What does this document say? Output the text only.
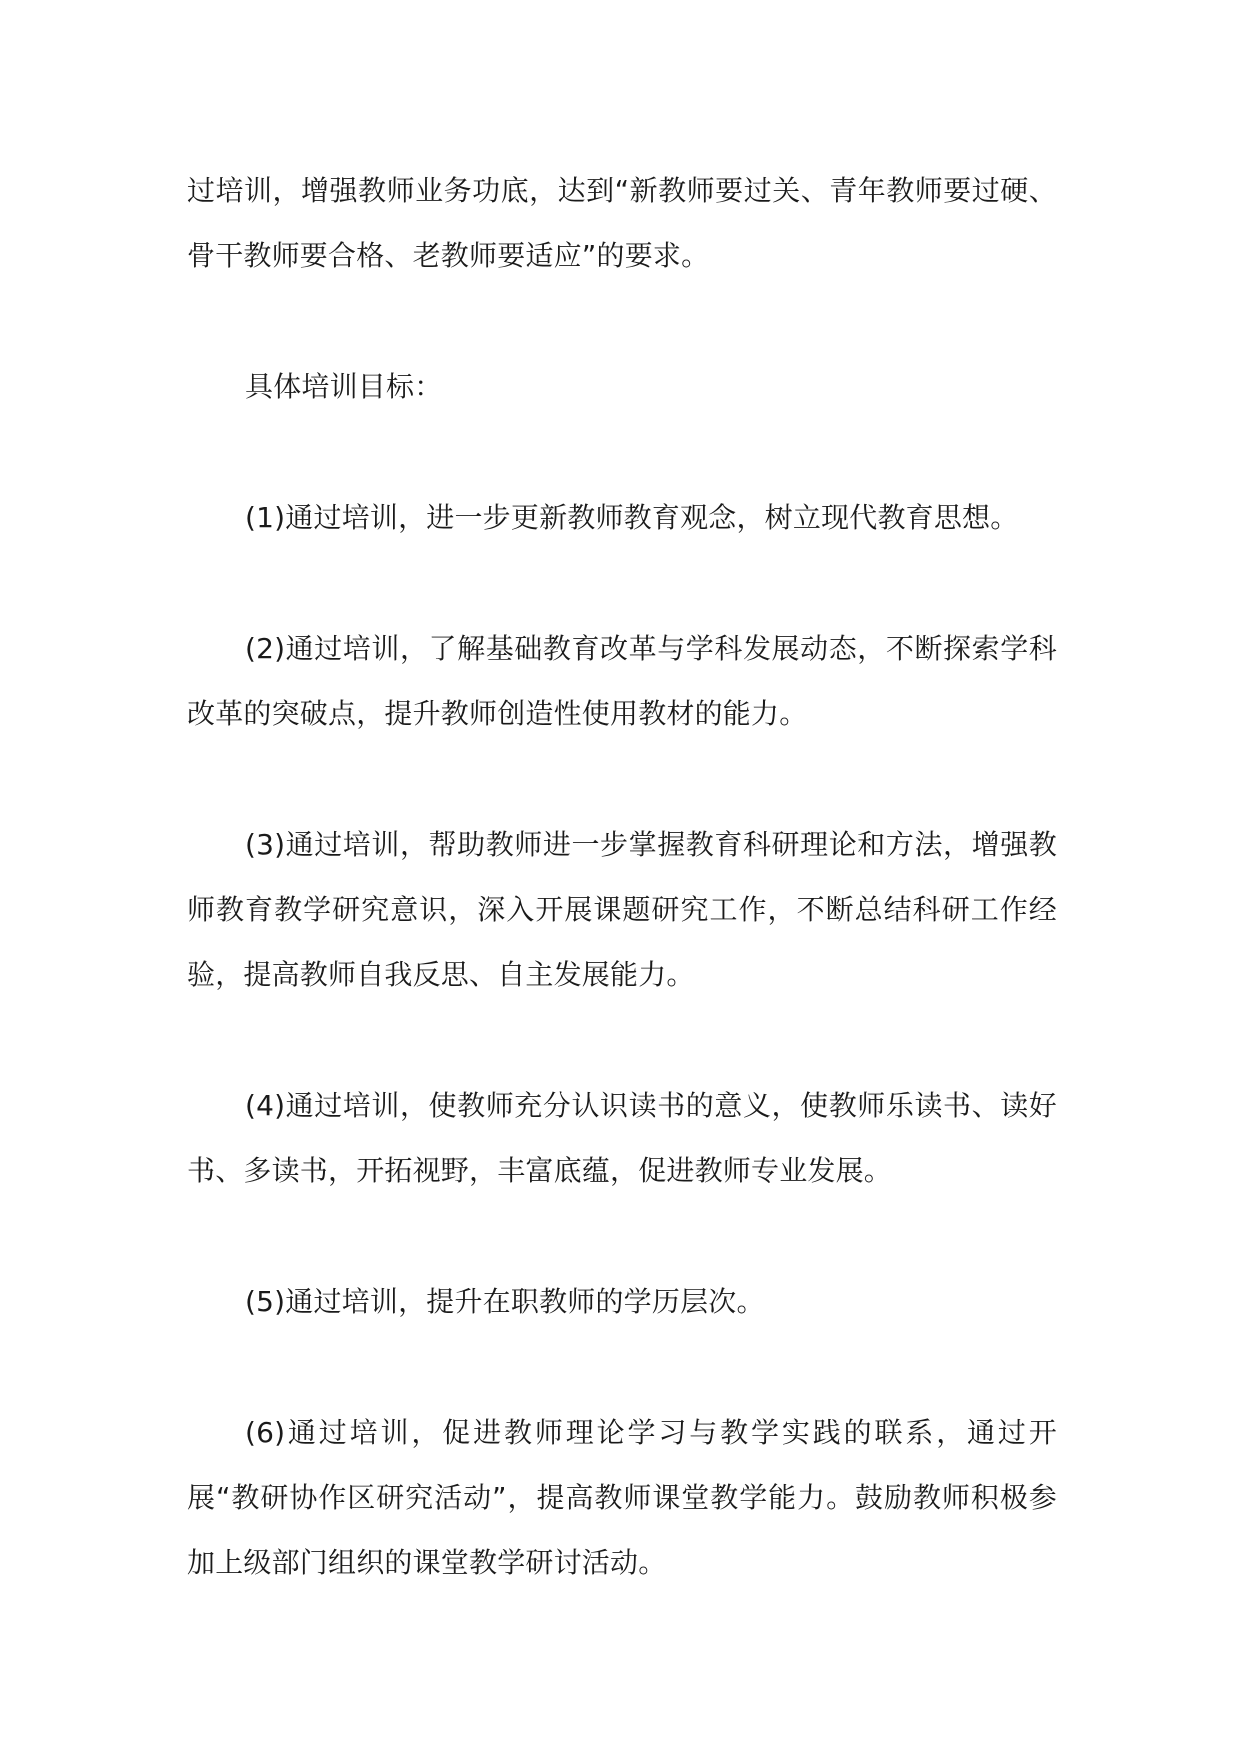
过培训，增强教师业务功底，达到“新教师要过关、青年教师要过硬、骨干教师要合格、老教师要适应”的要求。

具体培训目标：

(1)通过培训，进一步更新教师教育观念，树立现代教育思想。

(2)通过培训，了解基础教育改革与学科发展动态，不断探索学科改革的突破点，提升教师创造性使用教材的能力。

(3)通过培训，帮助教师进一步掌握教育科研理论和方法，增强教师教育教学研究意识，深入开展课题研究工作，不断总结科研工作经验，提高教师自我反思、自主发展能力。

(4)通过培训，使教师充分认识读书的意义，使教师乐读书、读好书、多读书，开拓视野，丰富底蕴，促进教师专业发展。

(5)通过培训，提升在职教师的学历层次。

(6)通过培训，促进教师理论学习与教学实践的联系，通过开展“教研协作区研究活动”，提高教师课堂教学能力。鼓励教师积极参加上级部门组织的课堂教学研讨活动。
